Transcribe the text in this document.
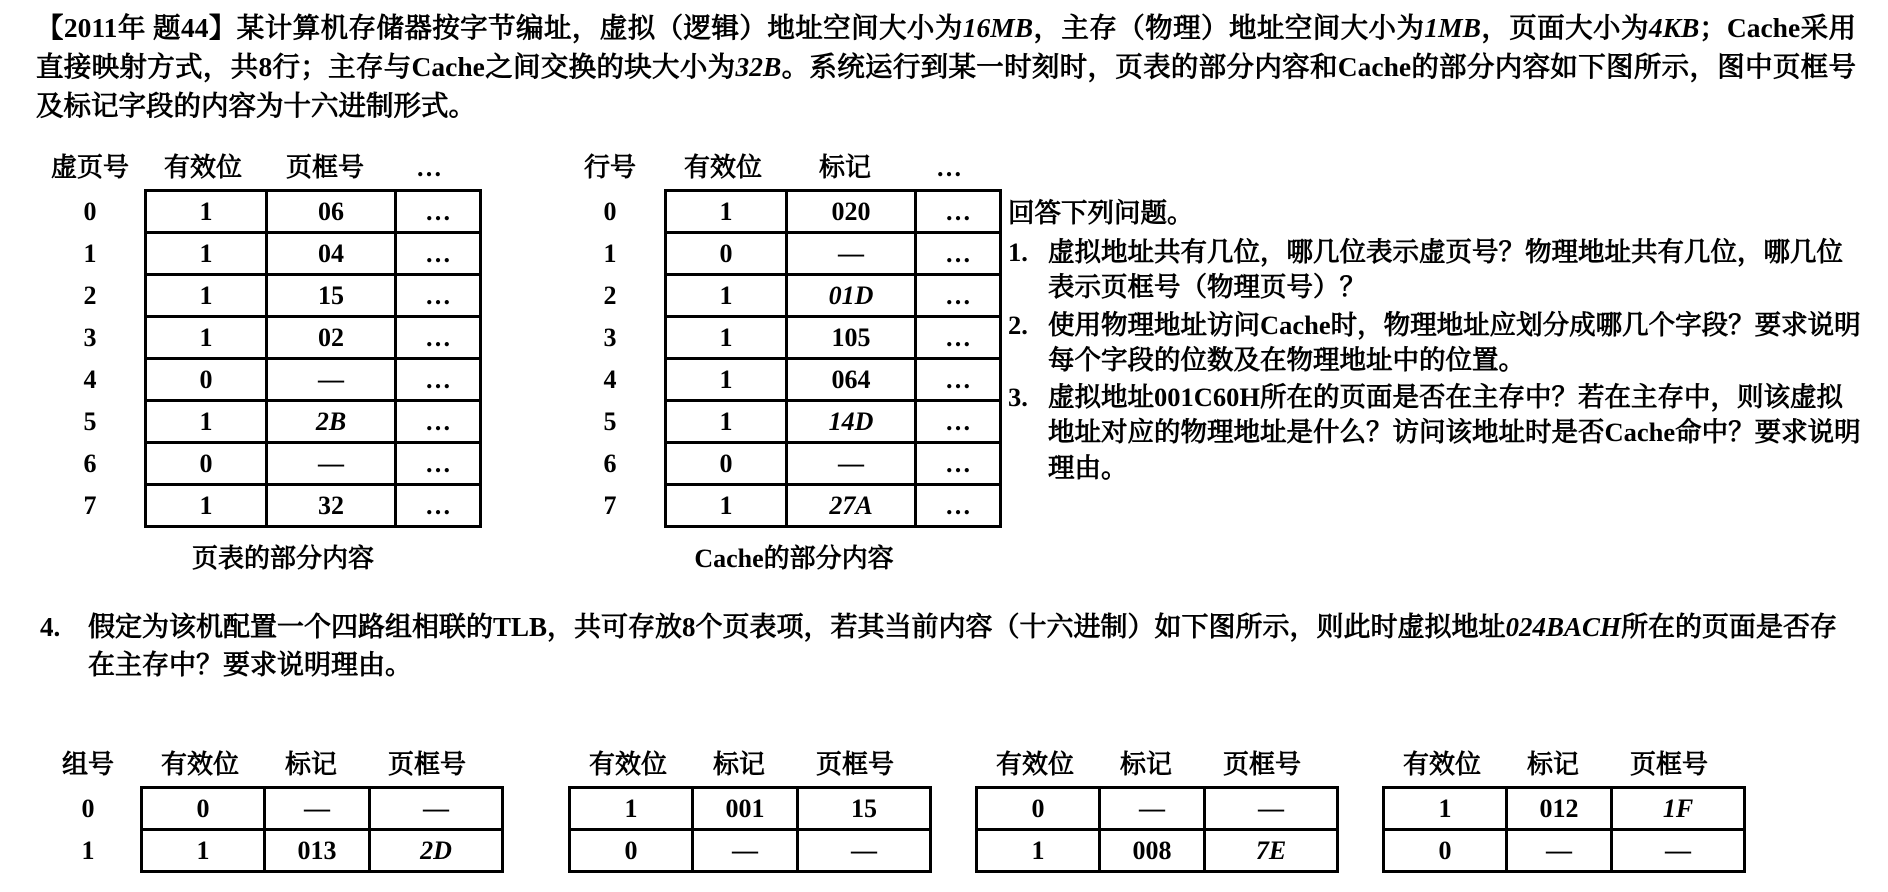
【2011年 题44】某计算机存储器按字节编址，虚拟（逻辑）地址空间大小为16MB，主存（物理）地址空间大小为1MB，页面大小为4KB；Cache采用直接映射方式，共8行；主存与Cache之间交换的块大小为32B。系统运行到某一时刻时，页表的部分内容和Cache的部分内容如下图所示，图中页框号及标记字段的内容为十六进制形式。
虚页号	有效位	页框号	…
0	1	06	…
1	1	04	…
2	1	15	…
3	1	02	…
4	0	—	…
5	1	2B	…
6	0	—	…
7	1	32	…
页表的部分内容
行号	有效位	标记	…
0	1	020	…
1	0	—	…
2	1	01D	…
3	1	105	…
4	1	064	…
5	1	14D	…
6	0	—	…
7	1	27A	…
Cache的部分内容
回答下列问题。
1. 虚拟地址共有几位，哪几位表示虚页号？物理地址共有几位，哪几位表示页框号（物理页号）？
2. 使用物理地址访问Cache时，物理地址应划分成哪几个字段？要求说明每个字段的位数及在物理地址中的位置。
3. 虚拟地址001C60H所在的页面是否在主存中？若在主存中，则该虚拟地址对应的物理地址是什么？访问该地址时是否Cache命中？要求说明理由。
4.	假定为该机配置一个四路组相联的TLB，共可存放8个页表项，若其当前内容（十六进制）如下图所示，则此时虚拟地址024BACH所在的页面是否存在主存中？要求说明理由。
组号	有效位	标记	页框号
0	0	—	—
1	1	013	2D
有效位	标记	页框号
1	001	15
0	—	—
有效位	标记	页框号
0	—	—
1	008	7E
有效位	标记	页框号
1	012	1F
0	—	—
